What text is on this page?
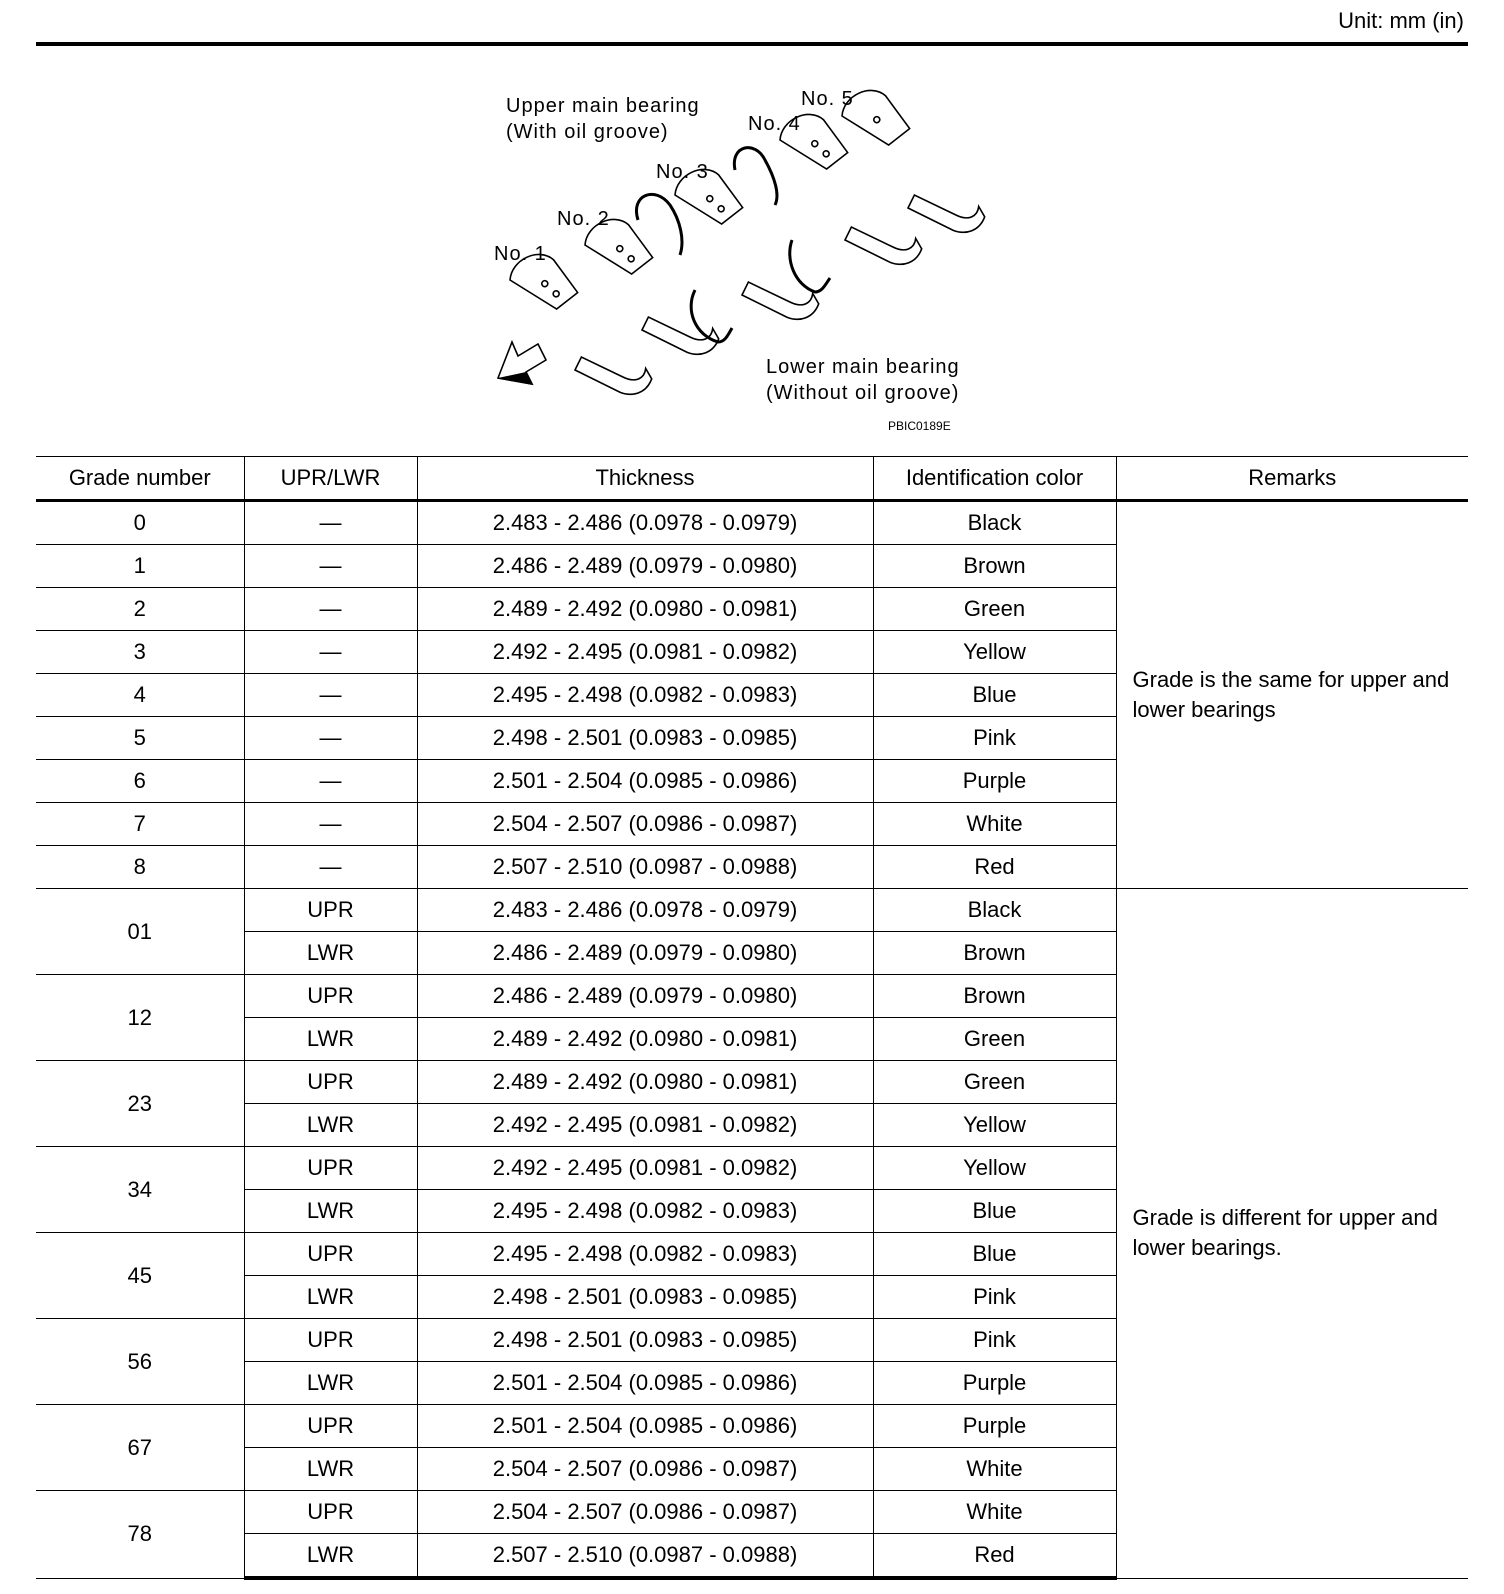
Unit: mm (in)
Upper main bearing
(With oil groove)
No. 1
No. 2
No. 3
No. 4
No. 5
Lower main bearing
(Without oil groove)
PBIC0189E
Grade number	UPR/LWR	Thickness	Identification color	Remarks
0	—	2.483 - 2.486 (0.0978 - 0.0979)	Black	Grade is the same for upper and lower bearings
1	—	2.486 - 2.489 (0.0979 - 0.0980)	Brown	
2	—	2.489 - 2.492 (0.0980 - 0.0981)	Green	
3	—	2.492 - 2.495 (0.0981 - 0.0982)	Yellow	
4	—	2.495 - 2.498 (0.0982 - 0.0983)	Blue	
5	—	2.498 - 2.501 (0.0983 - 0.0985)	Pink	
6	—	2.501 - 2.504 (0.0985 - 0.0986)	Purple	
7	—	2.504 - 2.507 (0.0986 - 0.0987)	White	
8	—	2.507 - 2.510 (0.0987 - 0.0988)	Red	
01	UPR	2.483 - 2.486 (0.0978 - 0.0979)	Black	Grade is different for upper and lower bearings.
	LWR	2.486 - 2.489 (0.0979 - 0.0980)	Brown	
12	UPR	2.486 - 2.489 (0.0979 - 0.0980)	Brown	
	LWR	2.489 - 2.492 (0.0980 - 0.0981)	Green	
23	UPR	2.489 - 2.492 (0.0980 - 0.0981)	Green	
	LWR	2.492 - 2.495 (0.0981 - 0.0982)	Yellow	
34	UPR	2.492 - 2.495 (0.0981 - 0.0982)	Yellow	
	LWR	2.495 - 2.498 (0.0982 - 0.0983)	Blue	
45	UPR	2.495 - 2.498 (0.0982 - 0.0983)	Blue	
	LWR	2.498 - 2.501 (0.0983 - 0.0985)	Pink	
56	UPR	2.498 - 2.501 (0.0983 - 0.0985)	Pink	
	LWR	2.501 - 2.504 (0.0985 - 0.0986)	Purple	
67	UPR	2.501 - 2.504 (0.0985 - 0.0986)	Purple	
	LWR	2.504 - 2.507 (0.0986 - 0.0987)	White	
78	UPR	2.504 - 2.507 (0.0986 - 0.0987)	White	
	LWR	2.507 - 2.510 (0.0987 - 0.0988)	Red	
